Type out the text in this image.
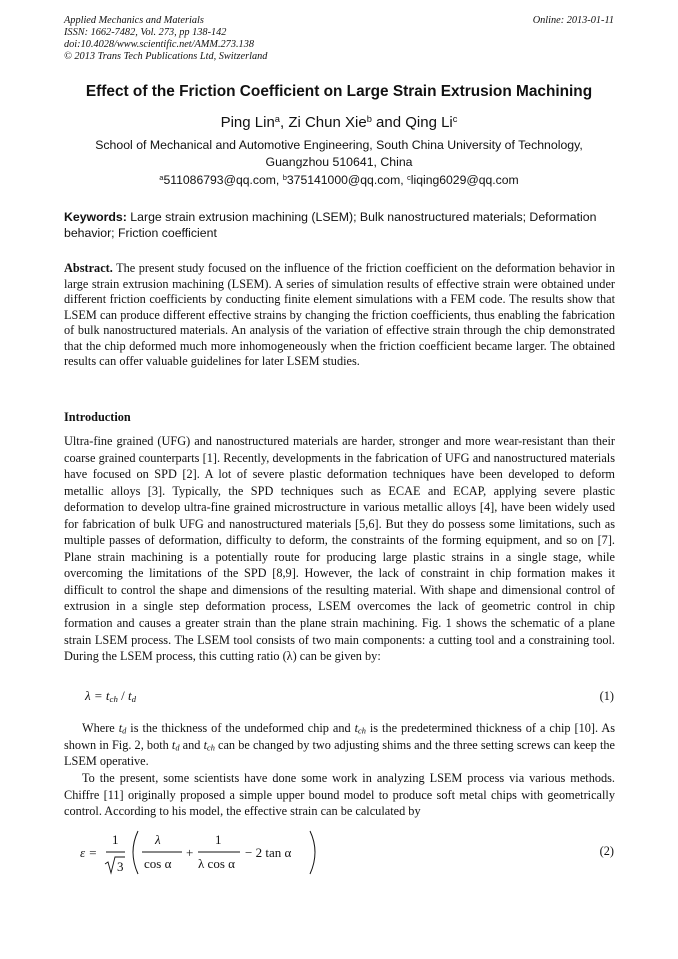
Applied Mechanics and Materials
ISSN: 1662-7482, Vol. 273, pp 138-142
doi:10.4028/www.scientific.net/AMM.273.138
© 2013 Trans Tech Publications Ltd, Switzerland
Online: 2013-01-11
Effect of the Friction Coefficient on Large Strain Extrusion Machining
Ping Lin$^a$, Zi Chun Xie$^b$ and Qing Li$^c$
School of Mechanical and Automotive Engineering, South China University of Technology,
Guangzhou 510641, China
$^a$511086793@qq.com, $^b$375141000@qq.com, $^c$liqing6029@qq.com
Keywords: Large strain extrusion machining (LSEM); Bulk nanostructured materials; Deformation behavior; Friction coefficient
Abstract. The present study focused on the influence of the friction coefficient on the deformation behavior in large strain extrusion machining (LSEM). A series of simulation results of effective strain were obtained under different friction coefficients by conducting finite element simulations with a FEM code. The results show that LSEM can produce different effective strains by changing the friction coefficients, thus enabling the fabrication of bulk nanostructured materials. An analysis of the variation of effective strain through the chip demonstrated that the chip deformed much more inhomogeneously when the friction coefficient became larger. The obtained results can offer valuable guidelines for later LSEM studies.
Introduction
Ultra-fine grained (UFG) and nanostructured materials are harder, stronger and more wear-resistant than their coarse grained counterparts [1]. Recently, developments in the fabrication of UFG and nanostructured materials have focused on SPD [2]. A lot of severe plastic deformation techniques have been developed to deform metallic alloys [3]. Typically, the SPD techniques such as ECAE and ECAP, applying severe plastic deformation to develop ultra-fine grained microstructure in various metallic alloys [4], have been widely used for fabrication of bulk UFG and nanostructured materials [5,6]. But they do possess some limitations, such as multiple passes of deformation, difficulty to deform, the constraints of the forming equipment, and so on [7]. Plane strain machining is a potentially route for producing large plastic strains in a single stage, while overcoming the limitations of the SPD [8,9]. However, the lack of constraint in chip formation makes it difficult to control the shape and dimensions of the resulting material. With shape and dimensional control of extrusion in a single step deformation process, LSEM overcomes the lack of geometric control in chip formation and causes a greater strain than the plane strain machining. Fig. 1 shows the schematic of a plane strain LSEM process. The LSEM tool consists of two main components: a cutting tool and a constraining tool. During the LSEM process, this cutting ratio (λ) can be given by:
$\lambda = t_{ch} / t_d$	(1)
Where $t_d$ is the thickness of the undeformed chip and $t_{ch}$ is the predetermined thickness of a chip [10]. As shown in Fig. 2, both $t_d$ and $t_{ch}$ can be changed by two adjusting shims and the three setting screws can keep the LSEM operative.
To the present, some scientists have done some work in analyzing LSEM process via various methods. Chiffre [11] originally proposed a simple upper bound model to produce soft metal chips with geometrically control. According to his model, the effective strain can be calculated by
ε =
1
3
λ
cos α
+
1
λ cos α
− 2 tan α	(2)
